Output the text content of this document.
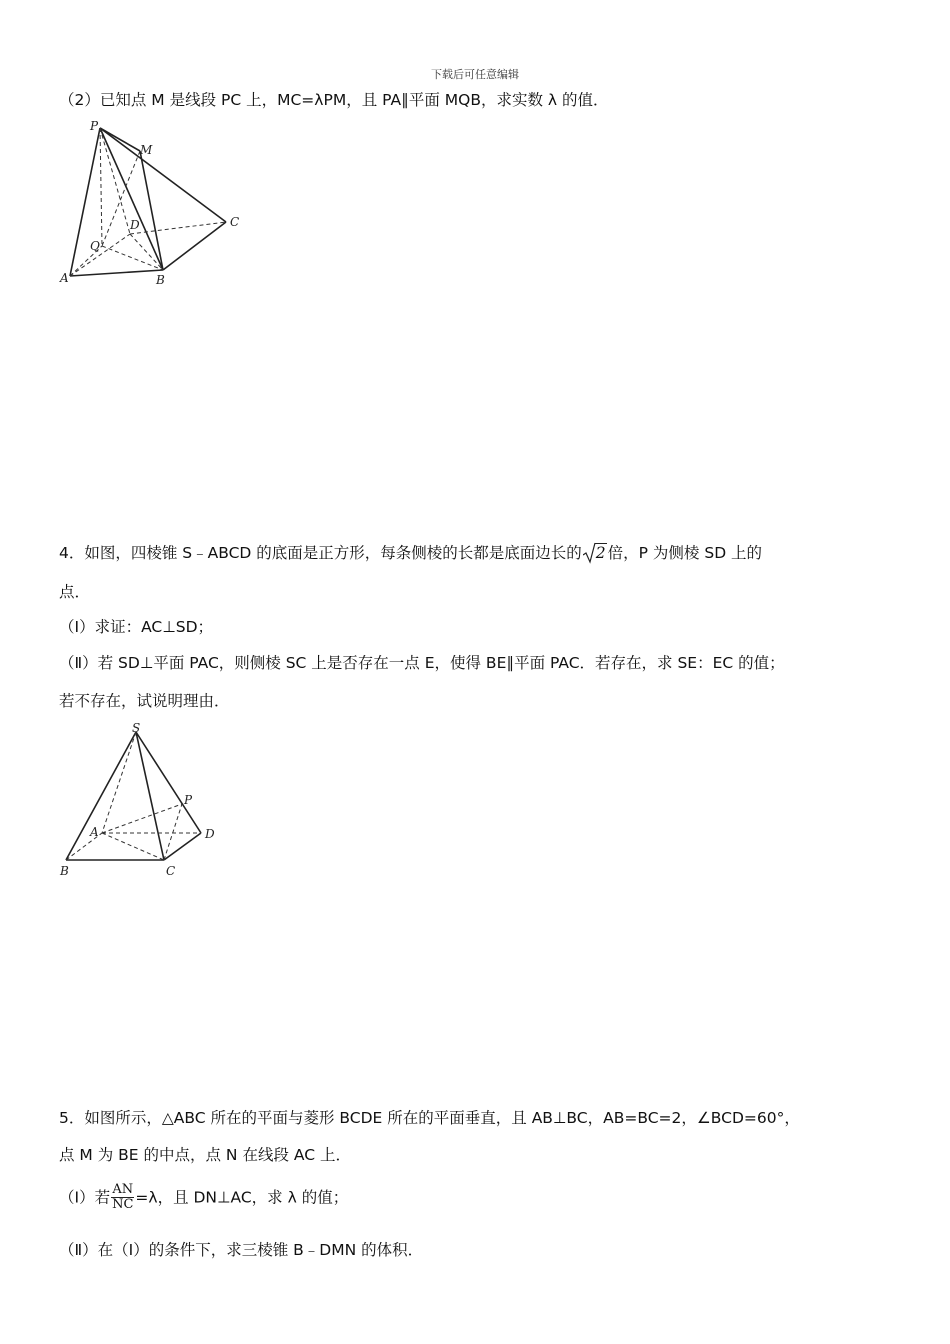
下载后可任意编辑
（2）已知点 M 是线段 PC 上，MC=λPM，且 PA∥平面 MQB，求实数 λ 的值．
P
M
C
D
Q
A	B
4．如图，四棱锥 S﹣ABCD 的底面是正方形，每条侧棱的长都是底面边长的 2 倍，P 为侧棱 SD 上的
点．
（Ⅰ）求证：AC⊥SD；
（Ⅱ）若 SD⊥平面 PAC，则侧棱 SC 上是否存在一点 E，使得 BE∥平面 PAC．若存在，求 SE：EC 的值；
若不存在，试说明理由．
S
P
A	D
B	C
5．如图所示，△ABC 所在的平面与菱形 BCDE 所在的平面垂直，且 AB⊥BC，AB=BC=2，∠BCD=60°，
点 M 为 BE 的中点，点 N 在线段 AC 上．
（Ⅰ）若 $\frac{AN}{NC} =\lambda$，且 DN⊥AC，求 λ 的值；
（Ⅱ）在（Ⅰ）的条件下，求三棱锥 B﹣DMN 的体积．
